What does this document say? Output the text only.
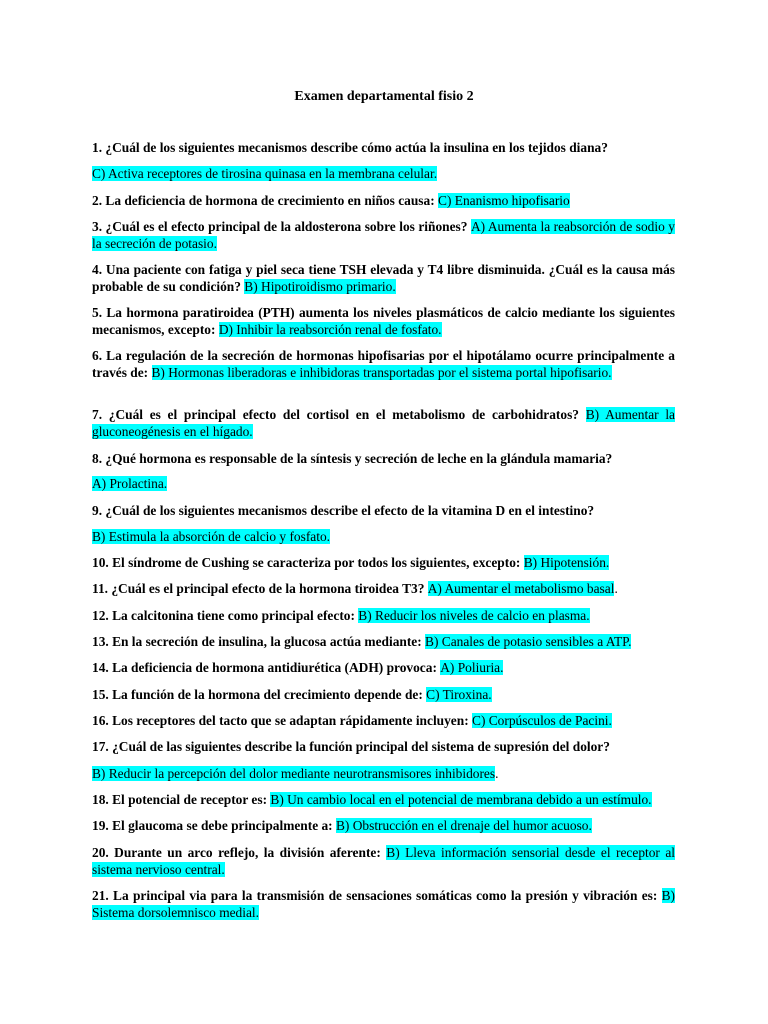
Examen departamental fisio 2
1. ¿Cuál de los siguientes mecanismos describe cómo actúa la insulina en los tejidos diana?
C) Activa receptores de tirosina quinasa en la membrana celular.
2. La deficiencia de hormona de crecimiento en niños causa: C) Enanismo hipofisario
3. ¿Cuál es el efecto principal de la aldosterona sobre los riñones? A) Aumenta la reabsorción de sodio y la secreción de potasio.
4. Una paciente con fatiga y piel seca tiene TSH elevada y T4 libre disminuida. ¿Cuál es la causa más probable de su condición? B) Hipotiroidismo primario.
5. La hormona paratiroidea (PTH) aumenta los niveles plasmáticos de calcio mediante los siguientes mecanismos, excepto: D) Inhibir la reabsorción renal de fosfato.
6. La regulación de la secreción de hormonas hipofisarias por el hipotálamo ocurre principalmente a través de: B) Hormonas liberadoras e inhibidoras transportadas por el sistema portal hipofisario.
7. ¿Cuál es el principal efecto del cortisol en el metabolismo de carbohidratos? B) Aumentar la gluconeogénesis en el hígado.
8. ¿Qué hormona es responsable de la síntesis y secreción de leche en la glándula mamaria?
A) Prolactina.
9. ¿Cuál de los siguientes mecanismos describe el efecto de la vitamina D en el intestino?
B) Estimula la absorción de calcio y fosfato.
10. El síndrome de Cushing se caracteriza por todos los siguientes, excepto: B) Hipotensión.
11. ¿Cuál es el principal efecto de la hormona tiroidea T3? A) Aumentar el metabolismo basal.
12. La calcitonina tiene como principal efecto: B) Reducir los niveles de calcio en plasma.
13. En la secreción de insulina, la glucosa actúa mediante: B) Canales de potasio sensibles a ATP.
14. La deficiencia de hormona antidiurética (ADH) provoca: A) Poliuria.
15. La función de la hormona del crecimiento depende de: C) Tiroxina.
16. Los receptores del tacto que se adaptan rápidamente incluyen: C) Corpúsculos de Pacini.
17. ¿Cuál de las siguientes describe la función principal del sistema de supresión del dolor?
B) Reducir la percepción del dolor mediante neurotransmisores inhibidores.
18. El potencial de receptor es: B) Un cambio local en el potencial de membrana debido a un estímulo.
19. El glaucoma se debe principalmente a: B) Obstrucción en el drenaje del humor acuoso.
20. Durante un arco reflejo, la división aferente: B) Lleva información sensorial desde el receptor al sistema nervioso central.
21. La principal via para la transmisión de sensaciones somáticas como la presión y vibración es: B) Sistema dorsolemnisco medial.
